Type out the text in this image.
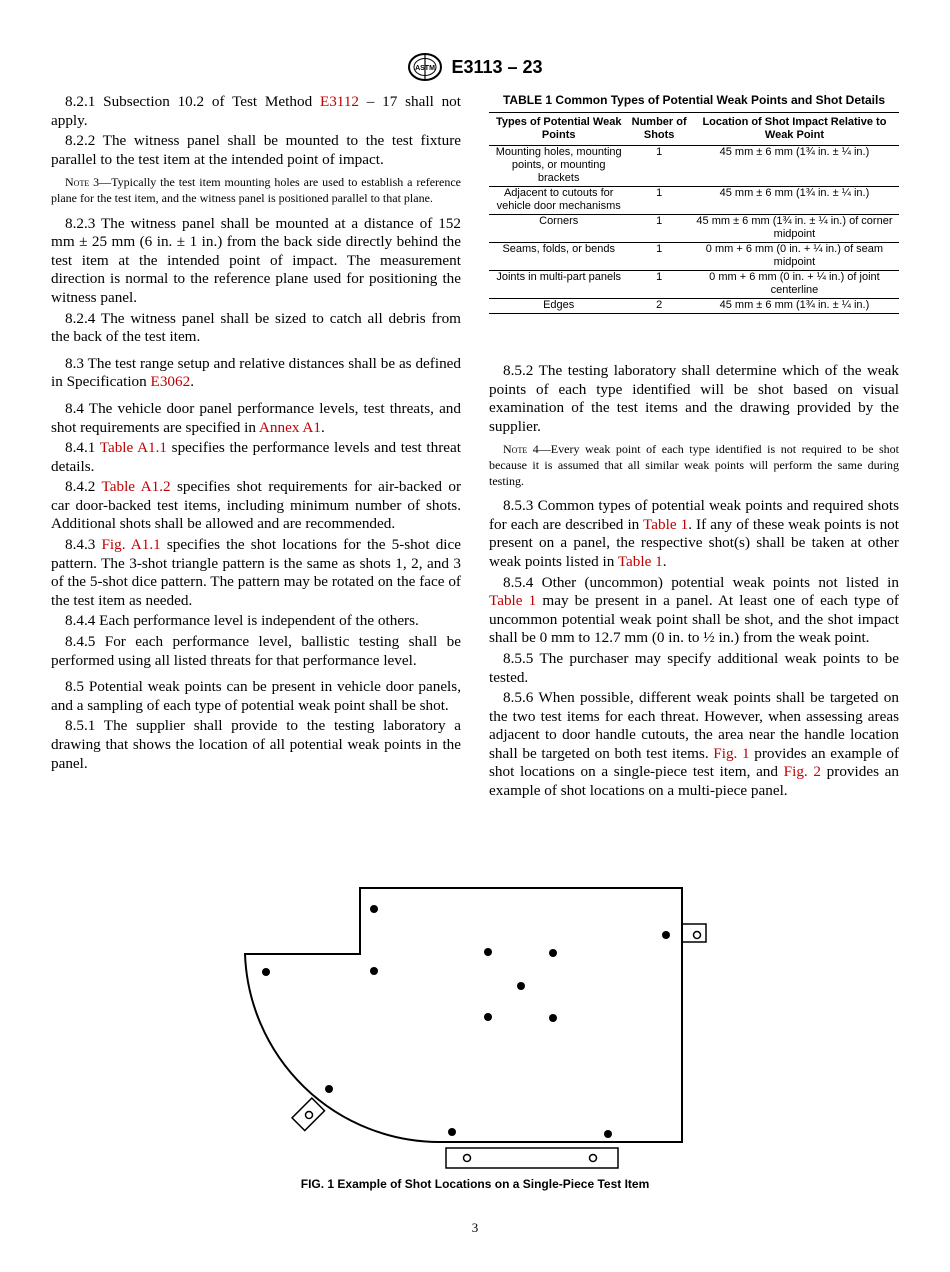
ASTM E3113 – 23

8.2.1 Subsection 10.2 of Test Method E3112 – 17 shall not apply.

8.2.2 The witness panel shall be mounted to the test fixture parallel to the test item at the intended point of impact.

Note 3—Typically the test item mounting holes are used to establish a reference plane for the test item, and the witness panel is positioned parallel to that plane.

8.2.3 The witness panel shall be mounted at a distance of 152 mm ± 25 mm (6 in. ± 1 in.) from the back side directly behind the test item at the intended point of impact. The measurement direction is normal to the reference plane used for positioning the witness panel.

8.2.4 The witness panel shall be sized to catch all debris from the back of the test item.

8.3 The test range setup and relative distances shall be as defined in Specification E3062.

8.4 The vehicle door panel performance levels, test threats, and shot requirements are specified in Annex A1.

8.4.1 Table A1.1 specifies the performance levels and test threat details.

8.4.2 Table A1.2 specifies shot requirements for air-backed or car door-backed test items, including minimum number of shots. Additional shots shall be allowed and are recommended.

8.4.3 Fig. A1.1 specifies the shot locations for the 5-shot dice pattern. The 3-shot triangle pattern is the same as shots 1, 2, and 3 of the 5-shot dice pattern. The pattern may be rotated on the face of the test item as needed.

8.4.4 Each performance level is independent of the others.

8.4.5 For each performance level, ballistic testing shall be performed using all listed threats for that performance level.

8.5 Potential weak points can be present in vehicle door panels, and a sampling of each type of potential weak point shall be shot.

8.5.1 The supplier shall provide to the testing laboratory a drawing that shows the location of all potential weak points in the panel.

TABLE 1 Common Types of Potential Weak Points and Shot Details
Types of Potential Weak Points	Number of Shots	Location of Shot Impact Relative to Weak Point
Mounting holes, mounting points, or mounting brackets	1	45 mm ± 6 mm (1¾ in. ± ¼ in.)
Adjacent to cutouts for vehicle door mechanisms	1	45 mm ± 6 mm (1¾ in. ± ¼ in.)
Corners	1	45 mm ± 6 mm (1¾ in. ± ¼ in.) of corner midpoint
Seams, folds, or bends	1	0 mm + 6 mm (0 in. + ¼ in.) of seam midpoint
Joints in multi-part panels	1	0 mm + 6 mm (0 in. + ¼ in.) of joint centerline
Edges	2	45 mm ± 6 mm (1¾ in. ± ¼ in.)

8.5.2 The testing laboratory shall determine which of the weak points of each type identified will be shot based on visual examination of the test items and the drawing provided by the supplier.

Note 4—Every weak point of each type identified is not required to be shot because it is assumed that all similar weak points will perform the same during testing.

8.5.3 Common types of potential weak points and required shots for each are described in Table 1. If any of these weak points is not present on a panel, the respective shot(s) shall be taken at other weak points listed in Table 1.

8.5.4 Other (uncommon) potential weak points not listed in Table 1 may be present in a panel. At least one of each type of uncommon potential weak point shall be shot, and the shot impact shall be 0 mm to 12.7 mm (0 in. to ½ in.) from the weak point.

8.5.5 The purchaser may specify additional weak points to be tested.

8.5.6 When possible, different weak points shall be targeted on the two test items for each threat. However, when assessing areas adjacent to door handle cutouts, the area near the handle location shall be targeted on both test items. Fig. 1 provides an example of shot locations on a single-piece test item, and Fig. 2 provides an example of shot locations on a multi-piece panel.

FIG. 1 Example of Shot Locations on a Single-Piece Test Item
3
